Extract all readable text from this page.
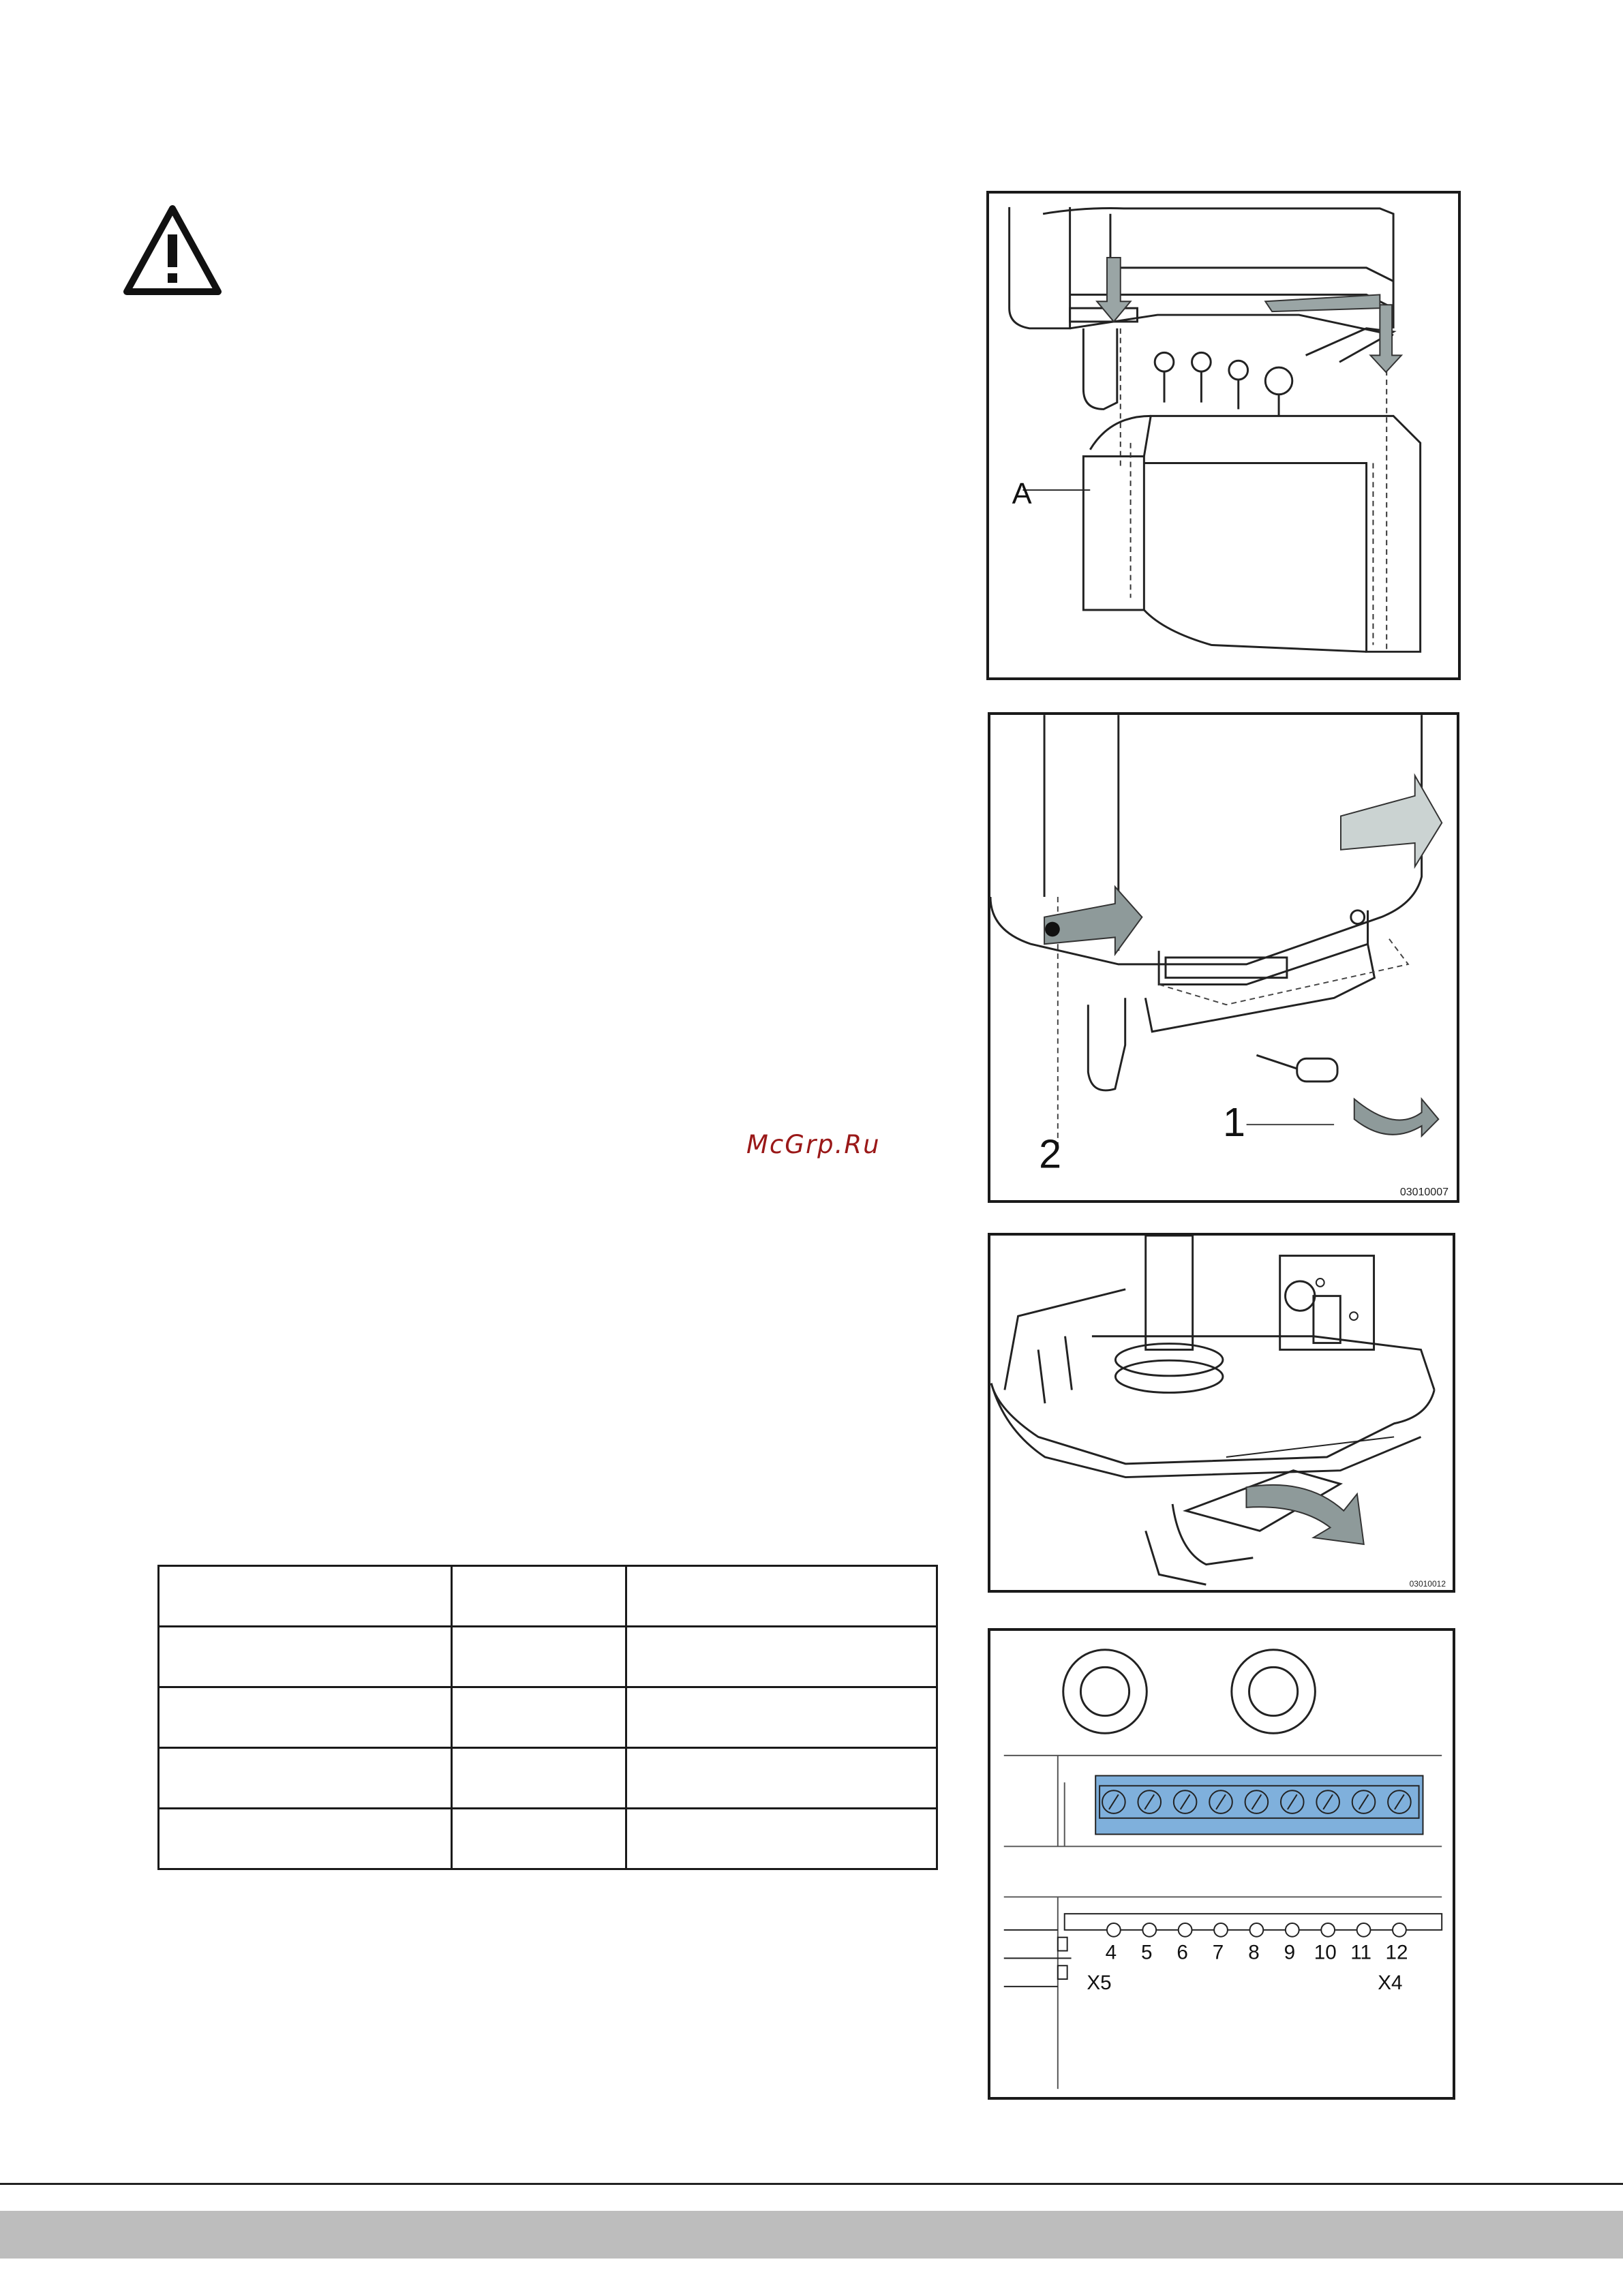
A
1
2
03010007
03010012
4 5 6 7 8 9 10 11 12
X5	X4
McGrp.Ru
